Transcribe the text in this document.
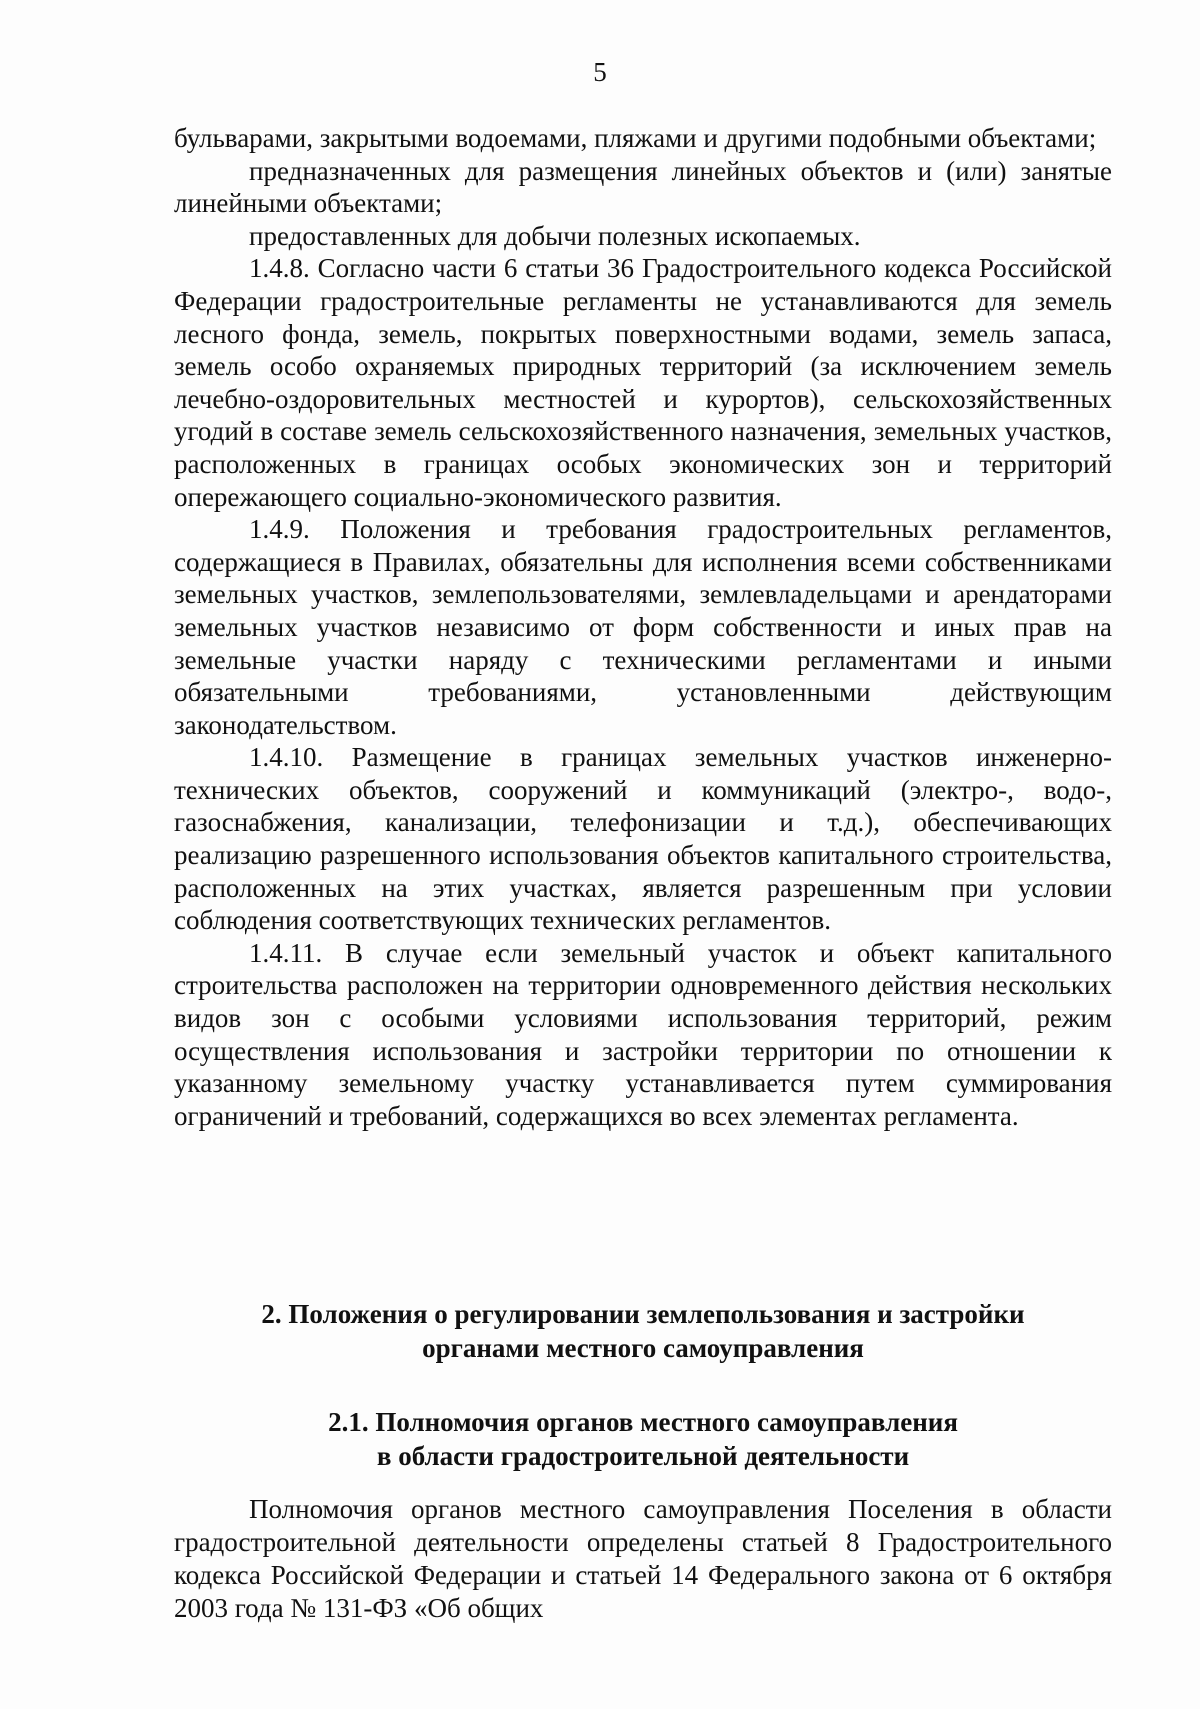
5

бульварами, закрытыми водоемами, пляжами и другими подобными объектами;

предназначенных для размещения линейных объектов и (или) занятые линейными объектами;

предоставленных для добычи полезных ископаемых.

1.4.8. Согласно части 6 статьи 36 Градостроительного кодекса Российской Федерации градостроительные регламенты не устанавливаются для земель лесного фонда, земель, покрытых поверхностными водами, земель запаса, земель особо охраняемых природных территорий (за исключением земель лечебно-оздоровительных местностей и курортов), сельскохозяйственных угодий в составе земель сельскохозяйственного назначения, земельных участков, расположенных в границах особых экономических зон и территорий опережающего социально-экономического развития.

1.4.9. Положения и требования градостроительных регламентов, содержащиеся в Правилах, обязательны для исполнения всеми собственниками земельных участков, землепользователями, землевладельцами и арендаторами земельных участков независимо от форм собственности и иных прав на земельные участки наряду с техническими регламентами и иными обязательными требованиями, установленными действующим законодательством.

1.4.10. Размещение в границах земельных участков инженерно-технических объектов, сооружений и коммуникаций (электро-, водо-, газоснабжения, канализации, телефонизации и т.д.), обеспечивающих реализацию разрешенного использования объектов капитального строительства, расположенных на этих участках, является разрешенным при условии соблюдения соответствующих технических регламентов.

1.4.11. В случае если земельный участок и объект капитального строительства расположен на территории одновременного действия нескольких видов зон с особыми условиями использования территорий, режим осуществления использования и застройки территории по отношении к указанному земельному участку устанавливается путем суммирования ограничений и требований, содержащихся во всех элементах регламента.

2. Положения о регулировании землепользования и застройки
органами местного самоуправления
2.1. Полномочия органов местного самоуправления
в области градостроительной деятельности

Полномочия органов местного самоуправления Поселения в области градостроительной деятельности определены статьей 8 Градостроительного кодекса Российской Федерации и статьей 14 Федерального закона от 6 октября 2003 года № 131-ФЗ «Об общих
